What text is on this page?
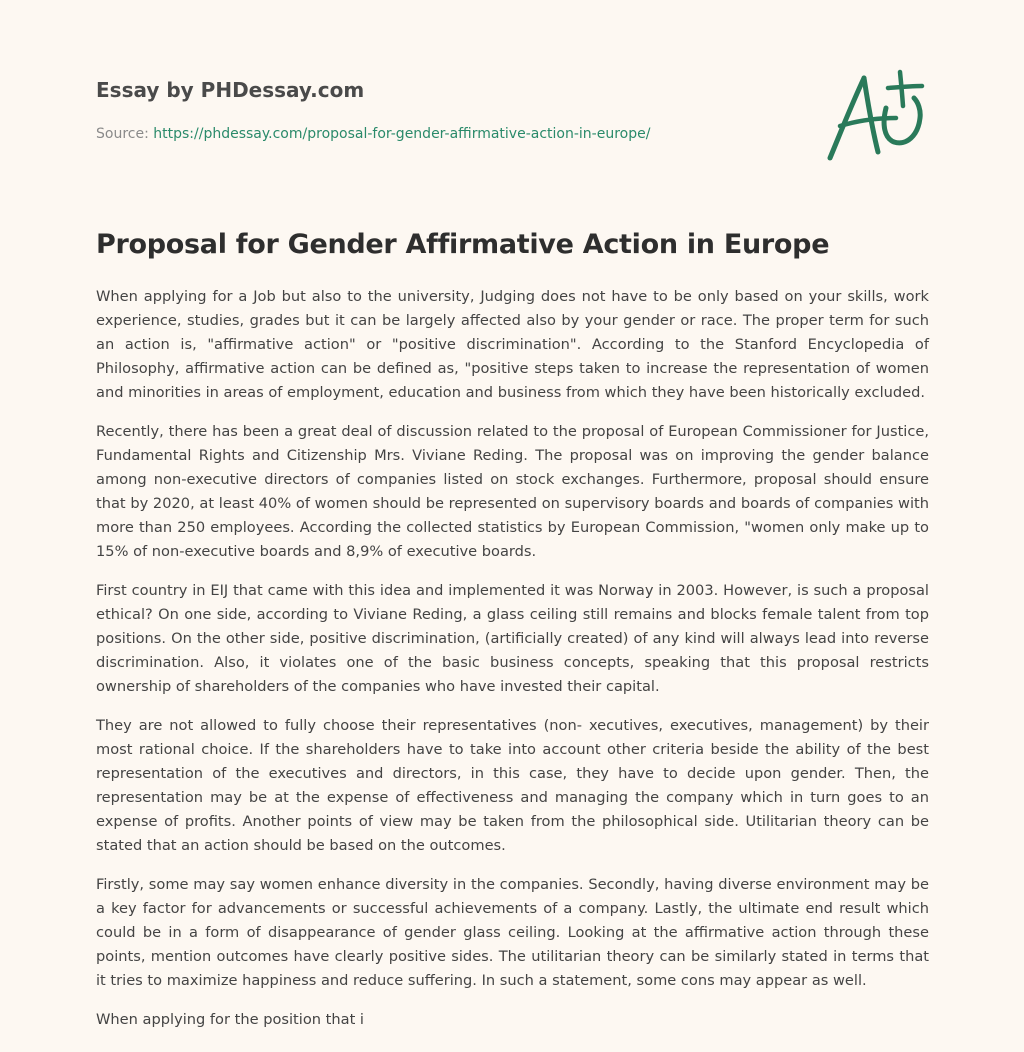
Essay by PHDessay.com
Source: https://phdessay.com/proposal-for-gender-affirmative-action-in-europe/
Proposal for Gender Affirmative Action in Europe

When applying for a Job but also to the university, Judging does not have to be only based on your skills, work experience, studies, grades but it can be largely affected also by your gender or race. The proper term for such an action is, "affirmative action" or "positive discrimination". According to the Stanford Encyclopedia of Philosophy, affirmative action can be defined as, "positive steps taken to increase the representation of women and minorities in areas of employment, education and business from which they have been historically excluded.

Recently, there has been a great deal of discussion related to the proposal of European Commissioner for Justice, Fundamental Rights and Citizenship Mrs. Viviane Reding. The proposal was on improving the gender balance among non-executive directors of companies listed on stock exchanges. Furthermore, proposal should ensure that by 2020, at least 40% of women should be represented on supervisory boards and boards of companies with more than 250 employees. According the collected statistics by European Commission, "women only make up to 15% of non-executive boards and 8,9% of executive boards.

First country in EIJ that came with this idea and implemented it was Norway in 2003. However, is such a proposal ethical? On one side, according to Viviane Reding, a glass ceiling still remains and blocks female talent from top positions. On the other side, positive discrimination, (artificially created) of any kind will always lead into reverse discrimination. Also, it violates one of the basic business concepts, speaking that this proposal restricts ownership of shareholders of the companies who have invested their capital.

They are not allowed to fully choose their representatives (non- xecutives, executives, management) by their most rational choice. If the shareholders have to take into account other criteria beside the ability of the best representation of the executives and directors, in this case, they have to decide upon gender. Then, the representation may be at the expense of effectiveness and managing the company which in turn goes to an expense of profits. Another points of view may be taken from the philosophical side. Utilitarian theory can be stated that an action should be based on the outcomes.

Firstly, some may say women enhance diversity in the companies. Secondly, having diverse environment may be a key factor for advancements or successful achievements of a company. Lastly, the ultimate end result which could be in a form of disappearance of gender glass ceiling. Looking at the affirmative action through these points, mention outcomes have clearly positive sides. The utilitarian theory can be similarly stated in terms that it tries to maximize happiness and reduce suffering. In such a statement, some cons may appear as well.

When applying for the position that i
